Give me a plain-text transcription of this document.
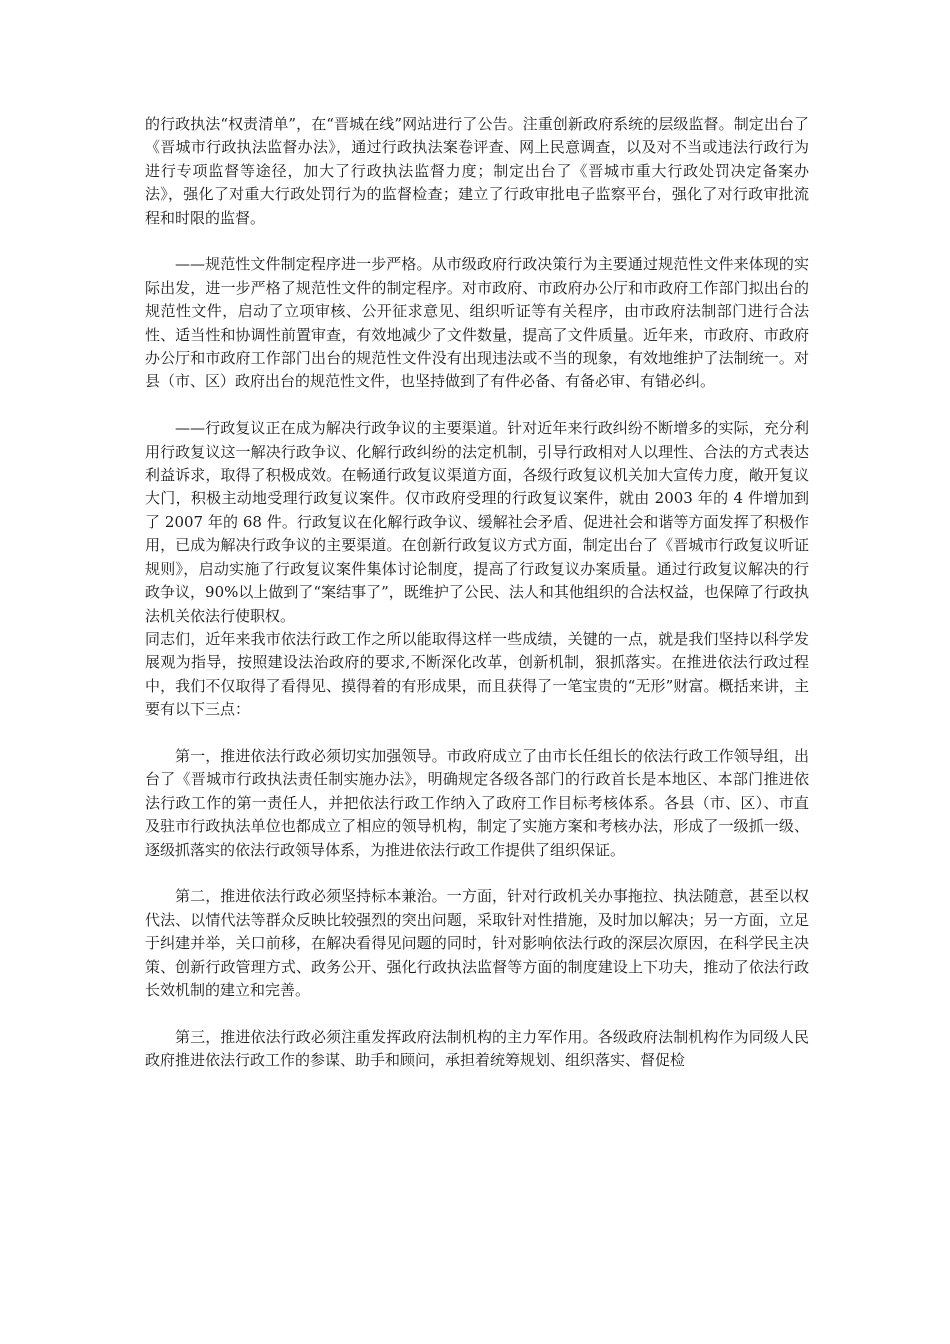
的行政执法“权责清单”，在“晋城在线”网站进行了公告。注重创新政府系统的层级监督。制定出台了《晋城市行政执法监督办法》，通过行政执法案卷评查、网上民意调查，以及对不当或违法行政行为进行专项监督等途径，加大了行政执法监督力度；制定出台了《晋城市重大行政处罚决定备案办法》，强化了对重大行政处罚行为的监督检查；建立了行政审批电子监察平台，强化了对行政审批流程和时限的监督。

——规范性文件制定程序进一步严格。从市级政府行政决策行为主要通过规范性文件来体现的实际出发，进一步严格了规范性文件的制定程序。对市政府、市政府办公厅和市政府工作部门拟出台的规范性文件，启动了立项审核、公开征求意见、组织听证等有关程序，由市政府法制部门进行合法性、适当性和协调性前置审查，有效地减少了文件数量，提高了文件质量。近年来，市政府、市政府办公厅和市政府工作部门出台的规范性文件没有出现违法或不当的现象，有效地维护了法制统一。对县（市、区）政府出台的规范性文件，也坚持做到了有件必备、有备必审、有错必纠。

——行政复议正在成为解决行政争议的主要渠道。针对近年来行政纠纷不断增多的实际，充分利用行政复议这一解决行政争议、化解行政纠纷的法定机制，引导行政相对人以理性、合法的方式表达利益诉求，取得了积极成效。在畅通行政复议渠道方面，各级行政复议机关加大宣传力度，敞开复议大门，积极主动地受理行政复议案件。仅市政府受理的行政复议案件，就由 2003 年的 4 件增加到了 2007 年的 68 件。行政复议在化解行政争议、缓解社会矛盾、促进社会和谐等方面发挥了积极作用，已成为解决行政争议的主要渠道。在创新行政复议方式方面，制定出台了《晋城市行政复议听证规则》，启动实施了行政复议案件集体讨论制度，提高了行政复议办案质量。通过行政复议解决的行政争议，90%以上做到了“案结事了”，既维护了公民、法人和其他组织的合法权益，也保障了行政执法机关依法行使职权。

同志们，近年来我市依法行政工作之所以能取得这样一些成绩，关键的一点，就是我们坚持以科学发展观为指导，按照建设法治政府的要求,不断深化改革，创新机制，狠抓落实。在推进依法行政过程中，我们不仅取得了看得见、摸得着的有形成果，而且获得了一笔宝贵的“无形”财富。概括来讲，主要有以下三点：

第一，推进依法行政必须切实加强领导。市政府成立了由市长任组长的依法行政工作领导组，出台了《晋城市行政执法责任制实施办法》，明确规定各级各部门的行政首长是本地区、本部门推进依法行政工作的第一责任人，并把依法行政工作纳入了政府工作目标考核体系。各县（市、区）、市直及驻市行政执法单位也都成立了相应的领导机构，制定了实施方案和考核办法，形成了一级抓一级、逐级抓落实的依法行政领导体系，为推进依法行政工作提供了组织保证。

第二，推进依法行政必须坚持标本兼治。一方面，针对行政机关办事拖拉、执法随意，甚至以权代法、以情代法等群众反映比较强烈的突出问题，采取针对性措施，及时加以解决；另一方面，立足于纠建并举，关口前移，在解决看得见问题的同时，针对影响依法行政的深层次原因，在科学民主决策、创新行政管理方式、政务公开、强化行政执法监督等方面的制度建设上下功夫，推动了依法行政长效机制的建立和完善。

第三，推进依法行政必须注重发挥政府法制机构的主力军作用。各级政府法制机构作为同级人民政府推进依法行政工作的参谋、助手和顾问，承担着统筹规划、组织落实、督促检
